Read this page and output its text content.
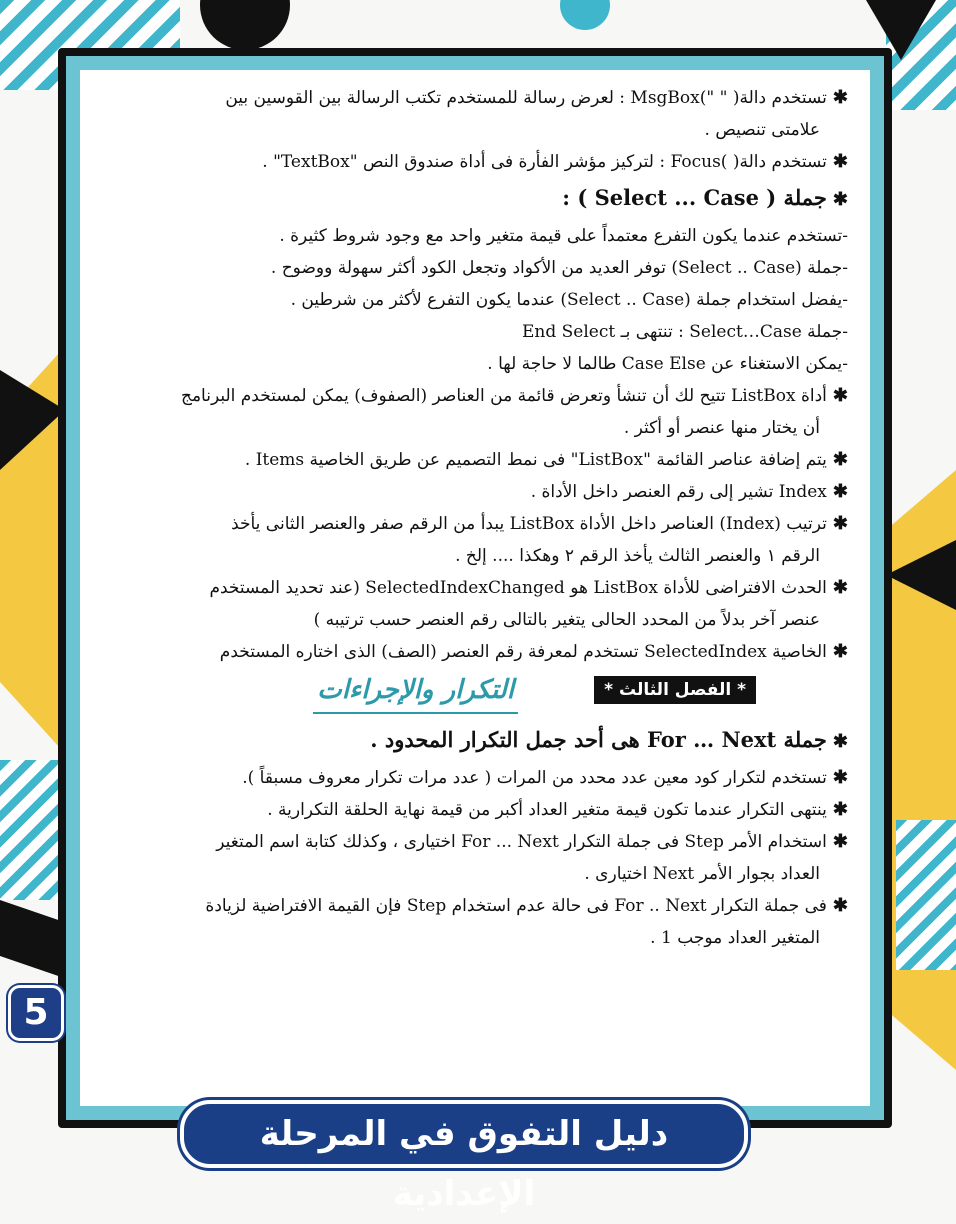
✱تستخدم دالة( " ")MsgBox : لعرض رسالة للمستخدم تكتب الرسالة بين القوسين بين
علامتى تنصيص .
✱تستخدم دالة( )Focus : لتركيز مؤشر الفأرة فى أداة صندوق النص "TextBox" .
✱جملة ( Select ... Case ) :
-تستخدم عندما يكون التفرع معتمداً على قيمة متغير واحد مع وجود شروط كثيرة .
-جملة (Select .. Case) توفر العديد من الأكواد وتجعل الكود أكثر سهولة ووضوح .
-يفضل استخدام جملة (Select .. Case) عندما يكون التفرع لأكثر من شرطين .
-جملة Select…Case : تنتهى بـ End Select
-يمكن الاستغناء عن Case Else طالما لا حاجة لها .
✱أداة ListBox تتيح لك أن تنشأ وتعرض قائمة من العناصر (الصفوف) يمكن لمستخدم البرنامج
أن يختار منها عنصر أو أكثر .
✱يتم إضافة عناصر القائمة "ListBox" فى نمط التصميم عن طريق الخاصية Items .
✱Index تشير إلى رقم العنصر داخل الأداة .
✱ترتيب (Index) العناصر داخل الأداة ListBox يبدأ من الرقم صفر والعنصر الثانى يأخذ
الرقم ١ والعنصر الثالث يأخذ الرقم ٢ وهكذا .... إلخ .
✱الحدث الافتراضى للأداة ListBox هو SelectedIndexChanged (عند تحديد المستخدم
عنصر آخر بدلاً من المحدد الحالى يتغير بالتالى رقم العنصر حسب ترتيبه )
✱الخاصية SelectedIndex تستخدم لمعرفة رقم العنصر (الصف) الذى اختاره المستخدم
* الفصل الثالث *
التكرار والإجراءات
✱جملة For … Next هى أحد جمل التكرار المحدود .
✱تستخدم لتكرار كود معين عدد محدد من المرات ( عدد مرات تكرار معروف مسبقاً ).
✱ينتهى التكرار عندما تكون قيمة متغير العداد أكبر من قيمة نهاية الحلقة التكرارية .
✱استخدام الأمر Step فى جملة التكرار For ... Next اختيارى ، وكذلك كتابة اسم المتغير
العداد بجوار الأمر Next اختيارى .
✱فى جملة التكرار For .. Next فى حالة عدم استخدام Step فإن القيمة الافتراضية لزيادة
المتغير العداد موجب 1 .
5
دليل التفوق في المرحلة الإعدادية
